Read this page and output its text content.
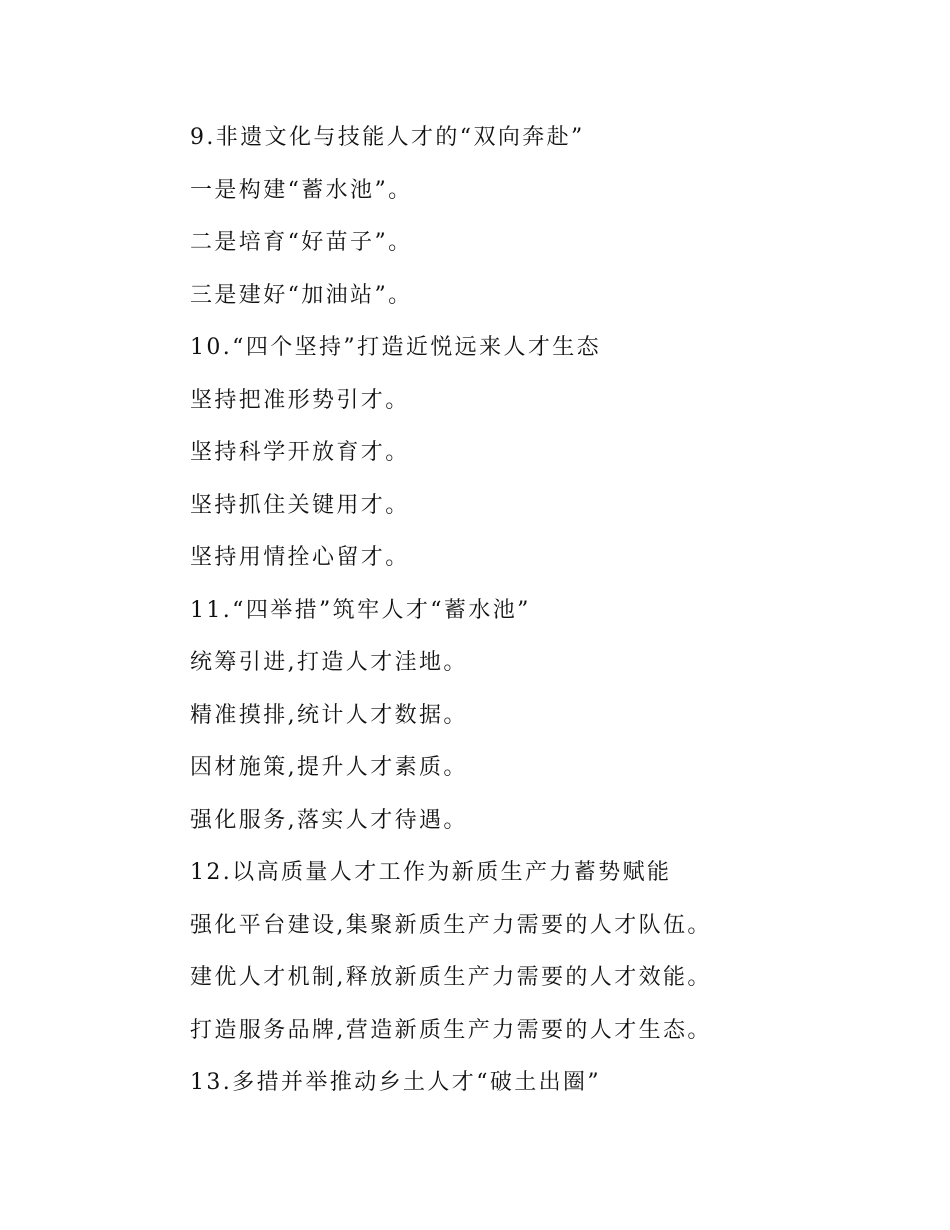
9.非遗文化与技能人才的“双向奔赴”
一是构建“蓄水池”。
二是培育“好苗子”。
三是建好“加油站”。
10.“四个坚持”打造近悦远来人才生态
坚持把准形势引才。
坚持科学开放育才。
坚持抓住关键用才。
坚持用情拴心留才。
11.“四举措”筑牢人才“蓄水池”
统筹引进,打造人才洼地。
精准摸排,统计人才数据。
因材施策,提升人才素质。
强化服务,落实人才待遇。
12.以高质量人才工作为新质生产力蓄势赋能
强化平台建设,集聚新质生产力需要的人才队伍。
建优人才机制,释放新质生产力需要的人才效能。
打造服务品牌,营造新质生产力需要的人才生态。
13.多措并举推动乡土人才“破土出圈”
